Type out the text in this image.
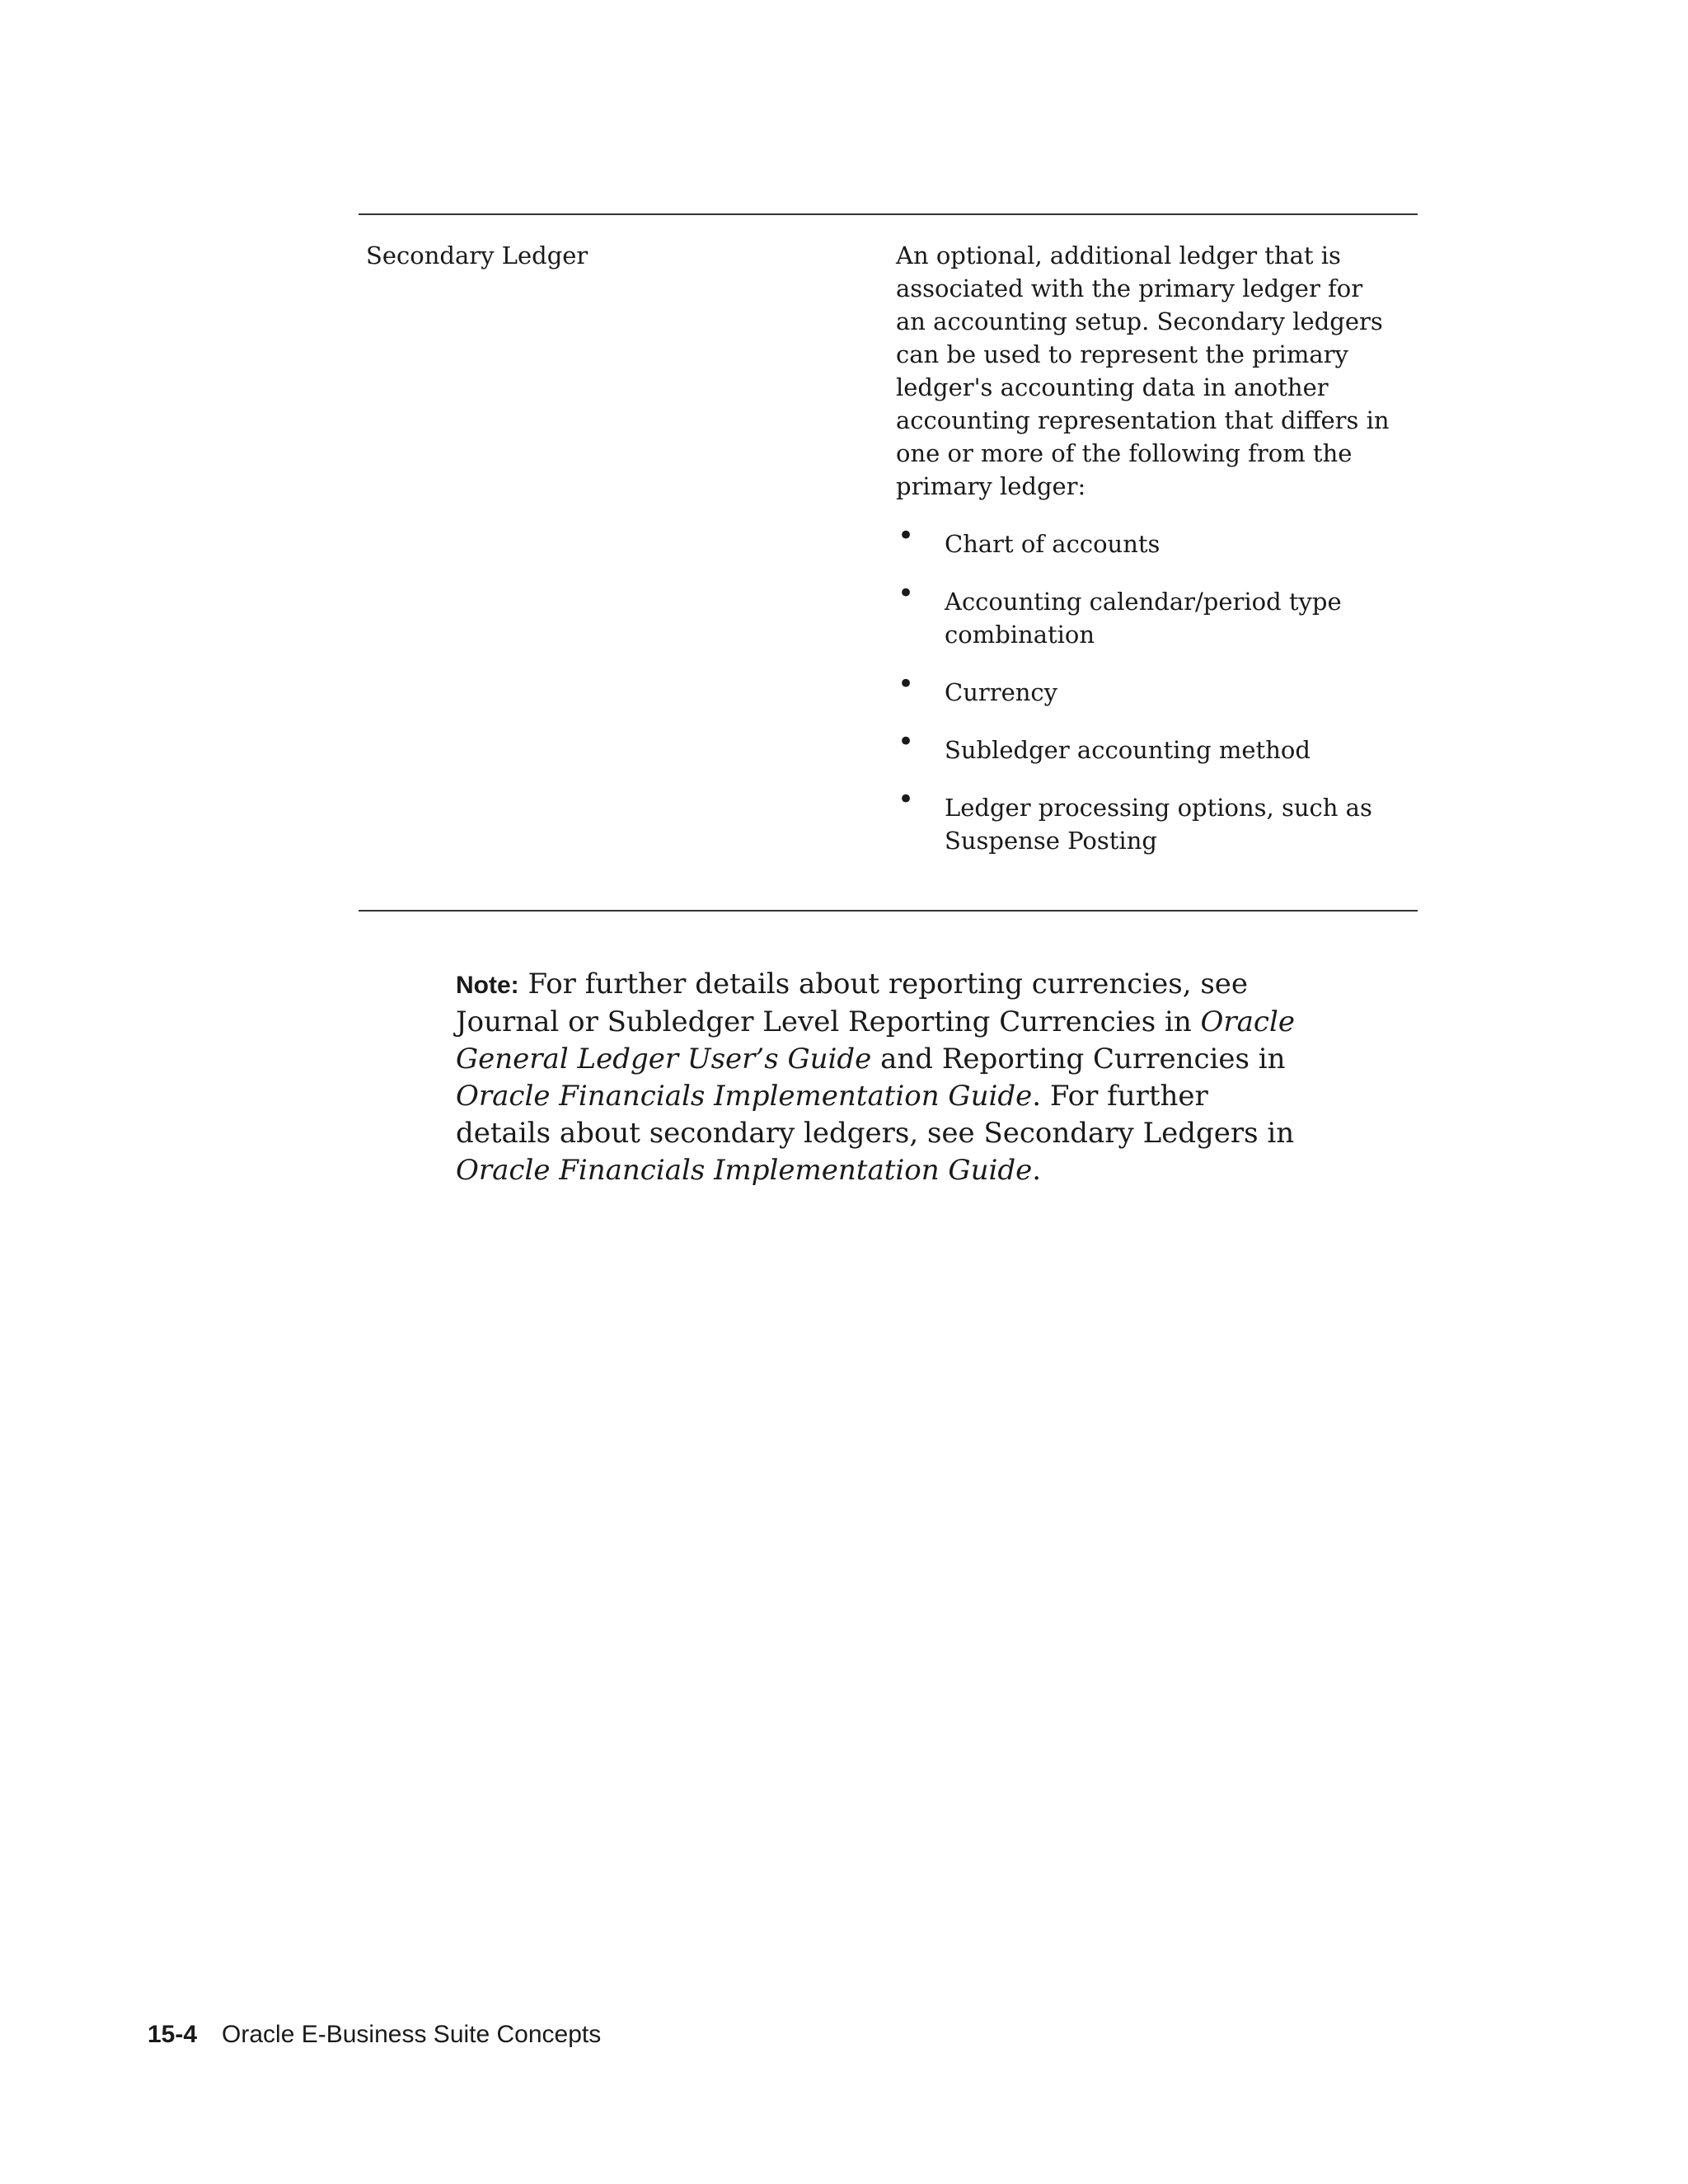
Secondary Ledger	An optional, additional ledger that is associated with the primary ledger for an accounting setup. Secondary ledgers can be used to represent the primary ledger's accounting data in another accounting representation that differs in one or more of the following from the primary ledger:

• Chart of accounts
• Accounting calendar/period type combination
• Currency
• Subledger accounting method
• Ledger processing options, such as Suspense Posting
Note: For further details about reporting currencies, see Journal or Subledger Level Reporting Currencies in Oracle General Ledger User’s Guide and Reporting Currencies in Oracle Financials Implementation Guide. For further details about secondary ledgers, see Secondary Ledgers in Oracle Financials Implementation Guide.
15-4 Oracle E-Business Suite Concepts
